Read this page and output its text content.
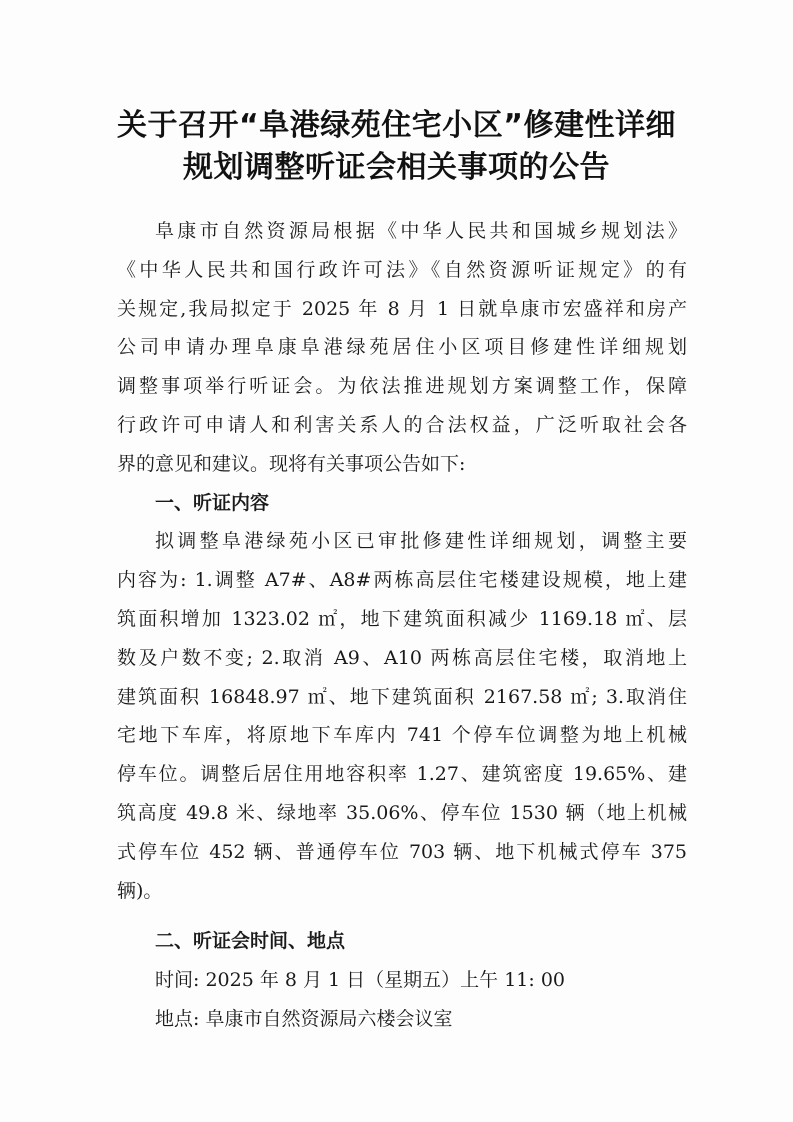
关于召开“阜港绿苑住宅小区”修建性详细
规划调整听证会相关事项的公告
阜康市自然资源局根据《中华人民共和国城乡规划法》
《中华人民共和国行政许可法》《自然资源听证规定》的有
关规定,我局拟定于 2025 年 8 月 1 日就阜康市宏盛祥和房产
公司申请办理阜康阜港绿苑居住小区项目修建性详细规划
调整事项举行听证会。为依法推进规划方案调整工作，保障
行政许可申请人和利害关系人的合法权益，广泛听取社会各
界的意见和建议。现将有关事项公告如下:
一、听证内容
拟调整阜港绿苑小区已审批修建性详细规划，调整主要
内容为: 1.调整 A7#、A8#两栋高层住宅楼建设规模，地上建
筑面积增加 1323.02 ㎡，地下建筑面积减少 1169.18 ㎡、层
数及户数不变; 2.取消 A9、A10 两栋高层住宅楼，取消地上
建筑面积 16848.97 ㎡、地下建筑面积 2167.58 ㎡; 3.取消住
宅地下车库，将原地下车库内 741 个停车位调整为地上机械
停车位。调整后居住用地容积率 1.27、建筑密度 19.65%、建
筑高度 49.8 米、绿地率 35.06%、停车位 1530 辆（地上机械
式停车位 452 辆、普通停车位 703 辆、地下机械式停车 375
辆)。
二、听证会时间、地点
时间: 2025 年 8 月 1 日（星期五）上午 11: 00
地点: 阜康市自然资源局六楼会议室
